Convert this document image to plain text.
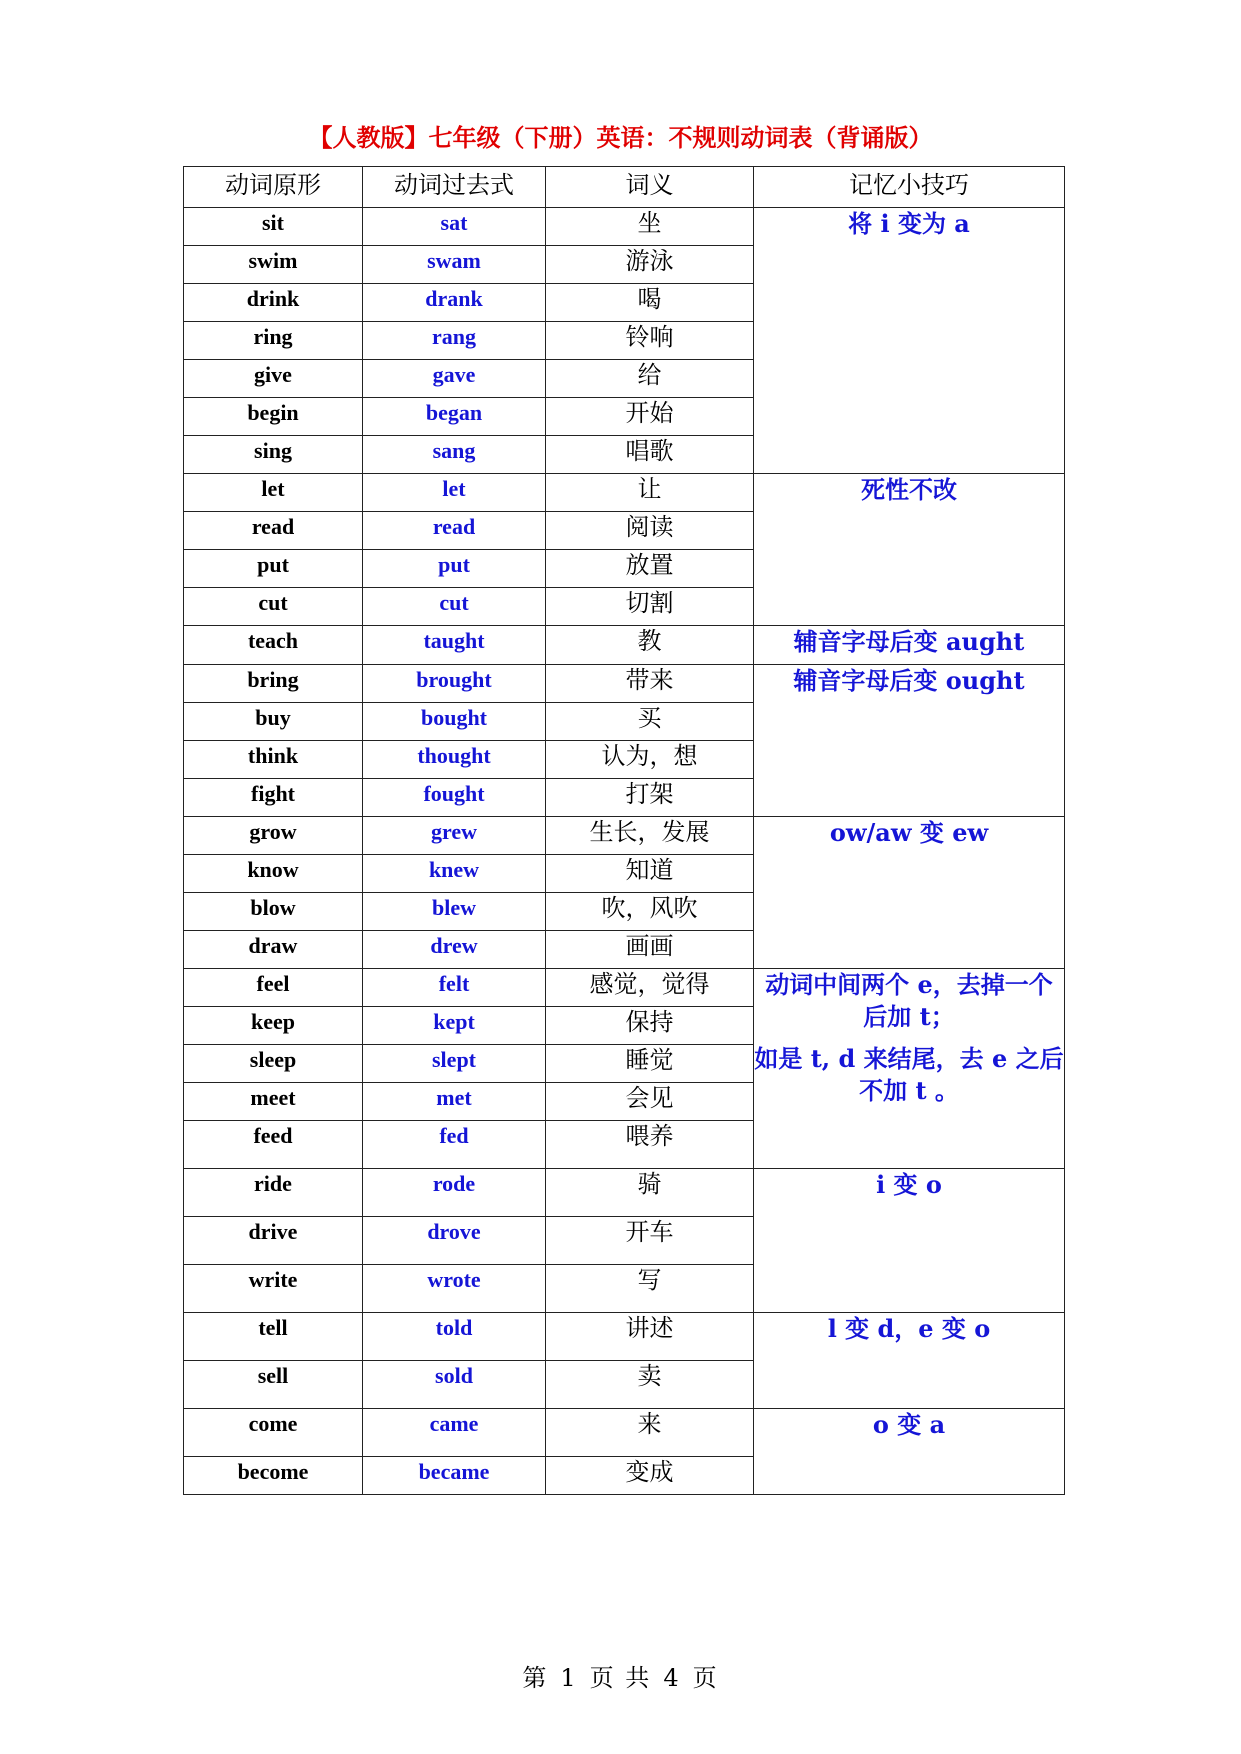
【人教版】七年级（下册）英语：不规则动词表（背诵版）
动词原形	动词过去式	词义	记忆小技巧
sit	sat	坐	将 i 变为 a

swim	swam	游泳	
drink	drank	喝	
ring	rang	铃响	
give	gave	给	
begin	began	开始	
sing	sang	唱歌	
let	let	让	死性不改

read	read	阅读	
put	put	放置	
cut	cut	切割	
teach	taught	教	辅音字母后变 aught

bring	brought	带来	辅音字母后变 ought

buy	bought	买	
think	thought	认为，想	
fight	fought	打架	
grow	grew	生长，发展	ow/aw 变 ew

know	knew	知道	
blow	blew	吹，风吹	
draw	drew	画画	
feel	felt	感觉，觉得	动词中间两个 e，去掉一个后加 t；
如是 t, d 来结尾，去 e 之后不加 t 。

keep	kept	保持	
sleep	slept	睡觉	
meet	met	会见	
feed	fed	喂养	
ride	rode	骑	i 变 o

drive	drove	开车	
write	wrote	写	
tell	told	讲述	l 变 d，e 变 o

sell	sold	卖	
come	came	来	o 变 a

become	became	变成	
第 1 页 共 4 页
